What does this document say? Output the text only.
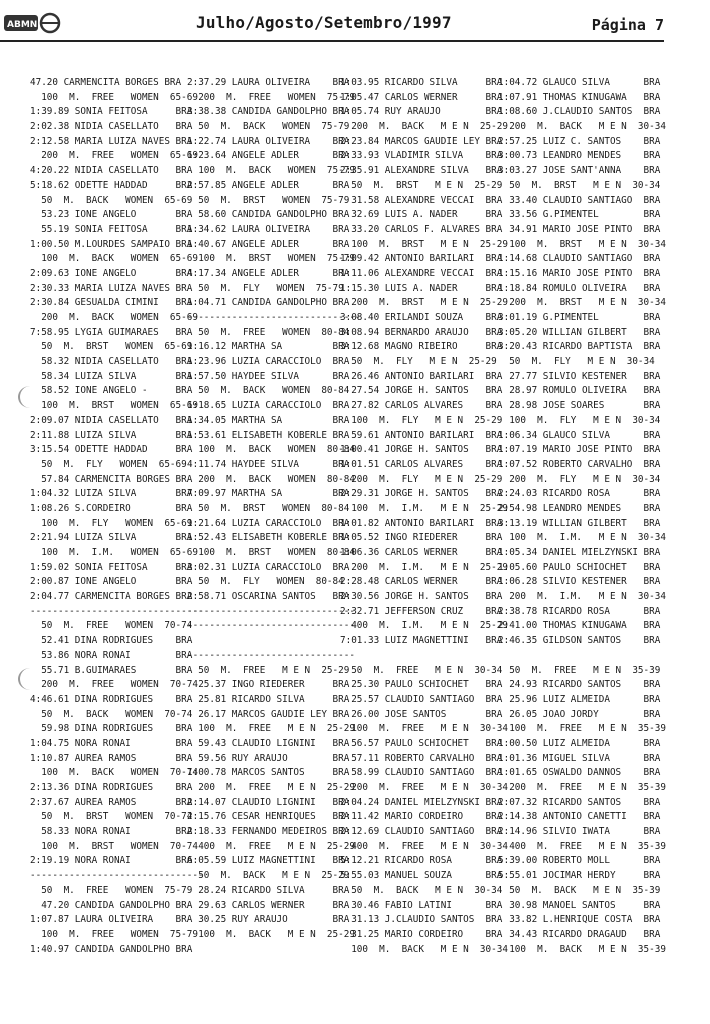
ABMN	Julho/Agosto/Setembro/1997	Página 7
47.20 CARMENCITA BORGES BRA
100  M.  FREE   WOMEN  65-69
1:39.89 SONIA FEITOSA     BRA
2:02.38 NIDIA CASELLATO   BRA
2:12.58 MARIA LUIZA NAVES BRA
200  M.  FREE   WOMEN  65-69
4:20.22 NIDIA CASELLATO   BRA
5:18.62 ODETTE HADDAD     BRA
50  M.  BACK   WOMEN  65-69
53.23 IONE ANGELO       BRA
55.19 SONIA FEITOSA     BRA
1:00.50 M.LOURDES SAMPAIO BRA
100  M.  BACK   WOMEN  65-69
2:09.63 IONE ANGELO       BRA
2:30.33 MARIA LUIZA NAVES BRA
2:30.84 GESUALDA CIMINI   BRA
200  M.  BACK   WOMEN  65-69
7:58.95 LYGIA GUIMARAES   BRA
50  M.  BRST   WOMEN  65-69
58.32 NIDIA CASELLATO   BRA
58.34 LUIZA SILVA       BRA
58.52 IONE ANGELO -     BRA
100  M.  BRST   WOMEN  65-69
2:09.07 NIDIA CASELLATO   BRA
2:11.88 LUIZA SILVA       BRA
3:15.54 ODETTE HADDAD     BRA
50  M.  FLY   WOMEN  65-69
57.84 CARMENCITA BORGES BRA
1:04.32 LUIZA SILVA       BRA
1:08.26 S.CORDEIRO        BRA
100  M.  FLY   WOMEN  65-69
2:21.94 LUIZA SILVA       BRA
100  M.  I.M.   WOMEN  65-69
1:59.02 SONIA FEITOSA     BRA
2:00.87 IONE ANGELO       BRA
2:04.77 CARMENCITA BORGES BRA
-------------------------------
50  M.  FREE   WOMEN  70-74
52.41 DINA RODRIGUES    BRA
53.86 NORA RONAI        BRA
55.71 B.GUIMARAES       BRA
200  M.  FREE   WOMEN  70-74
4:46.61 DINA RODRIGUES    BRA
50  M.  BACK   WOMEN  70-74
59.98 DINA RODRIGUES    BRA
1:04.75 NORA RONAI        BRA
1:10.87 AUREA RAMOS       BRA
100  M.  BACK   WOMEN  70-74
2:13.36 DINA RODRIGUES    BRA
2:37.67 AUREA RAMOS       BRA
50  M.  BRST   WOMEN  70-74
58.33 NORA RONAI        BRA
100  M.  BRST   WOMEN  70-74
2:19.19 NORA RONAI        BRA
-------------------------------
50  M.  FREE   WOMEN  75-79
47.20 CANDIDA GANDOLPHO BRA
1:07.87 LAURA OLIVEIRA    BRA
100  M.  FREE   WOMEN  75-79
1:40.97 CANDIDA GANDOLPHO BRA
2:37.29 LAURA OLIVEIRA    BRA
200  M.  FREE   WOMEN  75-79
3:38.38 CANDIDA GANDOLPHO BRA
50  M.  BACK   WOMEN  75-79
1:22.74 LAURA OLIVEIRA    BRA
1:23.64 ANGELE ADLER      BRA
100  M.  BACK   WOMEN  75-79
2:57.85 ANGELE ADLER      BRA
50  M.  BRST   WOMEN  75-79
58.60 CANDIDA GANDOLPHO BRA
1:34.62 LAURA OLIVEIRA    BRA
1:40.67 ANGELE ADLER      BRA
100  M.  BRST   WOMEN  75-79
4:17.34 ANGELE ADLER      BRA
50  M.  FLY   WOMEN  75-79
1:04.71 CANDIDA GANDOLPHO BRA
-------------------------------
50  M.  FREE   WOMEN  80-84
1:16.12 MARTHA SA         BRA
1:23.96 LUZIA CARACCIOLO  BRA
1:57.50 HAYDEE SILVA      BRA
50  M.  BACK   WOMEN  80-84
1:18.65 LUZIA CARACCIOLO  BRA
1:34.05 MARTHA SA         BRA
1:53.61 ELISABETH KOBERLE BRA
100  M.  BACK   WOMEN  80-84
4:11.74 HAYDEE SILVA      BRA
200  M.  BACK   WOMEN  80-84
7:09.97 MARTHA SA         BRA
50  M.  BRST   WOMEN  80-84
1:21.64 LUZIA CARACCIOLO  BRA
1:52.43 ELISABETH KOBERLE BRA
100  M.  BRST   WOMEN  80-84
3:02.31 LUZIA CARACCIOLO  BRA
50  M.  FLY   WOMEN  80-84
2:58.71 OSCARINA SANTOS   BRA
------------------------------
------------------------------
------------------------------
50  M.  FREE   M E N  25-29
25.37 INGO RIEDERER     BRA
25.81 RICARDO SILVA     BRA
26.17 MARCOS GAUDIE LEY BRA
100  M.  FREE   M E N  25-29
59.43 CLAUDIO LIGNINI   BRA
59.56 RUY ARAUJO        BRA
1:00.78 MARCOS SANTOS     BRA
200  M.  FREE   M E N  25-29
2:14.07 CLAUDIO LIGNINI   BRA
2:15.76 CESAR HENRIQUES   BRA
2:18.33 FERNANDO MEDEIROS BRA
400  M.  FREE   M E N  25-29
6:05.59 LUIZ MAGNETTINI   BRA
50  M.  BACK   M E N  25-29
28.24 RICARDO SILVA     BRA
29.63 CARLOS WERNER     BRA
30.25 RUY ARAUJO        BRA
100  M.  BACK   M E N  25-29
1:03.95 RICARDO SILVA     BRA
1:05.47 CARLOS WERNER     BRA
1:05.74 RUY ARAUJO        BRA
200  M.  BACK   M E N  25-29
2:23.84 MARCOS GAUDIE LEY BRA
2:33.93 VLADIMIR SILVA    BRA
2:35.91 ALEXANDRE SILVA   BRA
50  M.  BRST   M E N  25-29
31.58 ALEXANDRE VECCAI  BRA
32.69 LUIS A. NADER     BRA
33.20 CARLOS F. ALVARES BRA
100  M.  BRST   M E N  25-29
1:09.42 ANTONIO BARILARI  BRA
1:11.06 ALEXANDRE VECCAI  BRA
1:15.30 LUIS A. NADER     BRA
200  M.  BRST   M E N  25-29
3:08.40 ERILANDI SOUZA    BRA
3:08.94 BERNARDO ARAUJO   BRA
3:12.68 MAGNO RIBEIRO     BRA
50  M.  FLY   M E N  25-29
26.46 ANTONIO BARILARI  BRA
27.54 JORGE H. SANTOS   BRA
27.82 CARLOS ALVARES    BRA
100  M.  FLY   M E N  25-29
59.61 ANTONIO BARILARI  BRA
1:00.41 JORGE H. SANTOS   BRA
1:01.51 CARLOS ALVARES    BRA
200  M.  FLY   M E N  25-29
2:29.31 JORGE H. SANTOS   BRA
100  M.  I.M.   M E N  25-29
1:01.82 ANTONIO BARILARI  BRA
1:05.52 INGO RIEDERER     BRA
1:06.36 CARLOS WERNER     BRA
200  M.  I.M.   M E N  25-29
2:28.48 CARLOS WERNER     BRA
2:30.56 JORGE H. SANTOS   BRA
2:32.71 JEFFERSON CRUZ    BRA
400  M.  I.M.   M E N  25-29
7:01.33 LUIZ MAGNETTINI   BRA
50  M.  FREE   M E N  30-34
25.30 PAULO SCHIOCHET   BRA
25.57 CLAUDIO SANTIAGO  BRA
26.00 JOSE SANTOS       BRA
100  M.  FREE   M E N  30-34
56.57 PAULO SCHIOCHET   BRA
57.11 ROBERTO CARVALHO  BRA
58.99 CLAUDIO SANTIAGO  BRA
200  M.  FREE   M E N  30-34
2:04.24 DANIEL MIELZYNSKI BRA
2:11.42 MARIO CORDEIRO    BRA
2:12.69 CLAUDIO SANTIAGO  BRA
400  M.  FREE   M E N  30-34
5:12.21 RICARDO ROSA      BRA
5:55.03 MANUEL SOUZA      BRA
50  M.  BACK   M E N  30-34
30.46 FABIO LATINI      BRA
31.13 J.CLAUDIO SANTOS  BRA
31.25 MARIO CORDEIRO    BRA
100  M.  BACK   M E N  30-34
1:04.72 GLAUCO SILVA      BRA
1:07.91 THOMAS KINUGAWA   BRA
1:08.60 J.CLAUDIO SANTOS  BRA
200  M.  BACK   M E N  30-34
2:57.25 LUIZ C. SANTOS    BRA
3:00.73 LEANDRO MENDES    BRA
3:03.27 JOSE SANT'ANNA    BRA
50  M.  BRST   M E N  30-34
33.40 CLAUDIO SANTIAGO  BRA
33.56 G.PIMENTEL        BRA
34.91 MARIO JOSE PINTO  BRA
100  M.  BRST   M E N  30-34
1:14.68 CLAUDIO SANTIAGO  BRA
1:15.16 MARIO JOSE PINTO  BRA
1:18.84 ROMULO OLIVEIRA   BRA
200  M.  BRST   M E N  30-34
3:01.19 G.PIMENTEL        BRA
3:05.20 WILLIAN GILBERT   BRA
3:20.43 RICARDO BAPTISTA  BRA
50  M.  FLY   M E N  30-34
27.77 SILVIO KESTENER   BRA
28.97 ROMULO OLIVEIRA   BRA
28.98 JOSE SOARES       BRA
100  M.  FLY   M E N  30-34
1:06.34 GLAUCO SILVA      BRA
1:07.19 MARIO JOSE PINTO  BRA
1:07.52 ROBERTO CARVALHO  BRA
200  M.  FLY   M E N  30-34
2:24.03 RICARDO ROSA      BRA
2:54.98 LEANDRO MENDES    BRA
3:13.19 WILLIAN GILBERT   BRA
100  M.  I.M.   M E N  30-34
1:05.34 DANIEL MIELZYNSKI BRA
1:05.60 PAULO SCHIOCHET   BRA
1:06.28 SILVIO KESTENER   BRA
200  M.  I.M.   M E N  30-34
2:38.78 RICARDO ROSA      BRA
2:41.00 THOMAS KINUGAWA   BRA
2:46.35 GILDSON SANTOS    BRA
50  M.  FREE   M E N  35-39
24.93 RICARDO SANTOS    BRA
25.96 LUIZ ALMEIDA      BRA
26.05 JOAO JORDY        BRA
100  M.  FREE   M E N  35-39
1:00.50 LUIZ ALMEIDA      BRA
1:01.36 MIGUEL SILVA      BRA
1:01.65 OSWALDO DANNOS    BRA
200  M.  FREE   M E N  35-39
2:07.32 RICARDO SANTOS    BRA
2:14.38 ANTONIO CANETTI   BRA
2:14.96 SILVIO IWATA      BRA
400  M.  FREE   M E N  35-39
5:39.00 ROBERTO MOLL      BRA
5:55.01 JOCIMAR HERDY     BRA
50  M.  BACK   M E N  35-39
30.98 MANOEL SANTOS     BRA
33.82 L.HENRIQUE COSTA  BRA
34.43 RICARDO DRAGAUD   BRA
100  M.  BACK   M E N  35-39
